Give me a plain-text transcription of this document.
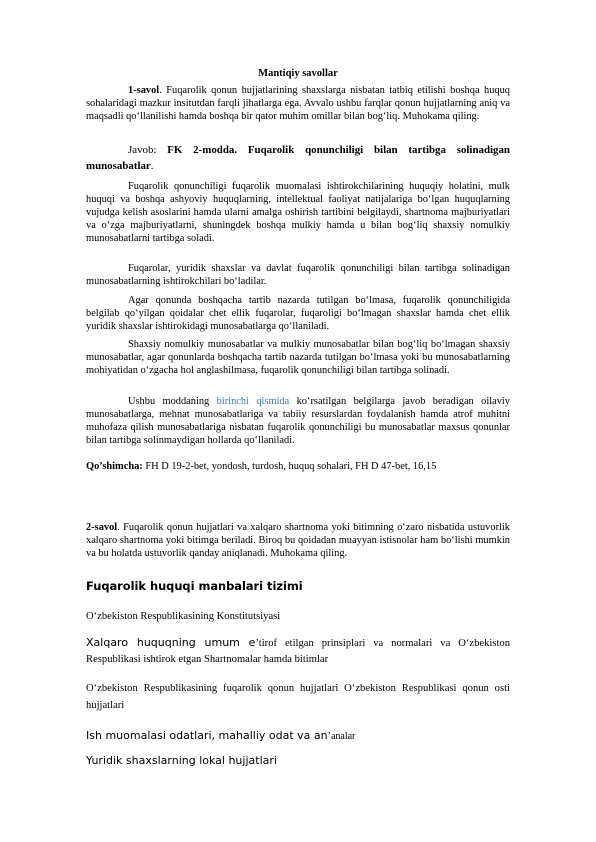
Mantiqiy savollar

1-savol. Fuqarolik qonun hujjatlarining shaxslarga nisbatan tatbiq etilishi boshqa huquq sohalaridagi mazkur insitutdan farqli jihatlarga ega. Avvalo ushbu farqlar qonun hujjatlarning aniq va maqsadli qo‘llanilishi hamda boshqa bir qator muhim omillar bilan bog‘liq. Muhokama qiling.

Javob: FK 2-modda. Fuqarolik qonunchiligi bilan tartibga solinadigan munosabatlar.

Fuqarolik qonunchiligi fuqarolik muomalasi ishtirokchilarining huquqiy holatini, mulk huquqi va boshqa ashyoviy huquqlarning, intellektual faoliyat natijalariga bo‘lgan huquqlarning vujudga kelish asoslarini hamda ularni amalga oshirish tartibini belgilaydi, shartnoma majburiyatlari va o‘zga majburiyatlarni, shuningdek boshqa mulkiy hamda u bilan bog‘liq shaxsiy nomulkiy munosabatlarni tartibga soladi.

Fuqarolar, yuridik shaxslar va davlat fuqarolik qonunchiligi bilan tartibga solinadigan munosabatlarning ishtirokchilari bo‘ladilar.

Agar qonunda boshqacha tartib nazarda tutilgan bo‘lmasa, fuqarolik qonunchiligida belgilab qo‘yilgan qoidalar chet ellik fuqarolar, fuqaroligi bo‘lmagan shaxslar hamda chet ellik yuridik shaxslar ishtirokidagi munosabatlarga qo‘llaniladi.

Shaxsiy nomulkiy munosabatlar va mulkiy munosabatlar bilan bog‘liq bo‘lmagan shaxsiy munosabatlar, agar qonunlarda boshqacha tartib nazarda tutilgan bo‘lmasa yoki bu munosabatlarning mohiyatidan o‘zgacha hol anglashilmasa, fuqarolik qonunchiligi bilan tartibga solinadi.

Ushbu moddaning birinchi qismida ko‘rsatilgan belgilarga javob beradigan oilaviy munosabatlarga, mehnat munosabatlariga va tabiiy resurslardan foydalanish hamda atrof muhitni muhofaza qilish munosabatlariga nisbatan fuqarolik qonunchiligi bu munosabatlar maxsus qonunlar bilan tartibga solinmaydigan hollarda qo‘llaniladi.

Qo’shimcha: FH D 19-2-bet, yondosh, turdosh, huquq sohalari, FH D 47-bet, 16,15

2-savol. Fuqarolik qonun hujjatlari va xalqaro shartnoma yoki bitimning o‘zaro nisbatida ustuvorlik xalqaro shartnoma yoki bitimga beriladi. Biroq bu qoidadan muayyan istisnolar ham bo‘lishi mumkin va bu holatda ustuvorlik qanday aniqlanadi. Muhokama qiling.

Fuqarolik huquqi manbalari tizimi

O‘zbekiston Respublikasining Konstitutsiyasi

Xalqaro huquqning umum e’tirof etilgan prinsiplari va normalari va O‘zbekiston Respublikasi ishtirok etgan Shartnomalar hamda bitimlar

O‘zbekiston Respublikasining fuqarolik qonun hujjatlari O‘zbekiston Respublikasi qonun osti hujjatlari

Ish muomalasi odatlari, mahalliy odat va an’analar

Yuridik shaxslarning lokal hujjatlari
